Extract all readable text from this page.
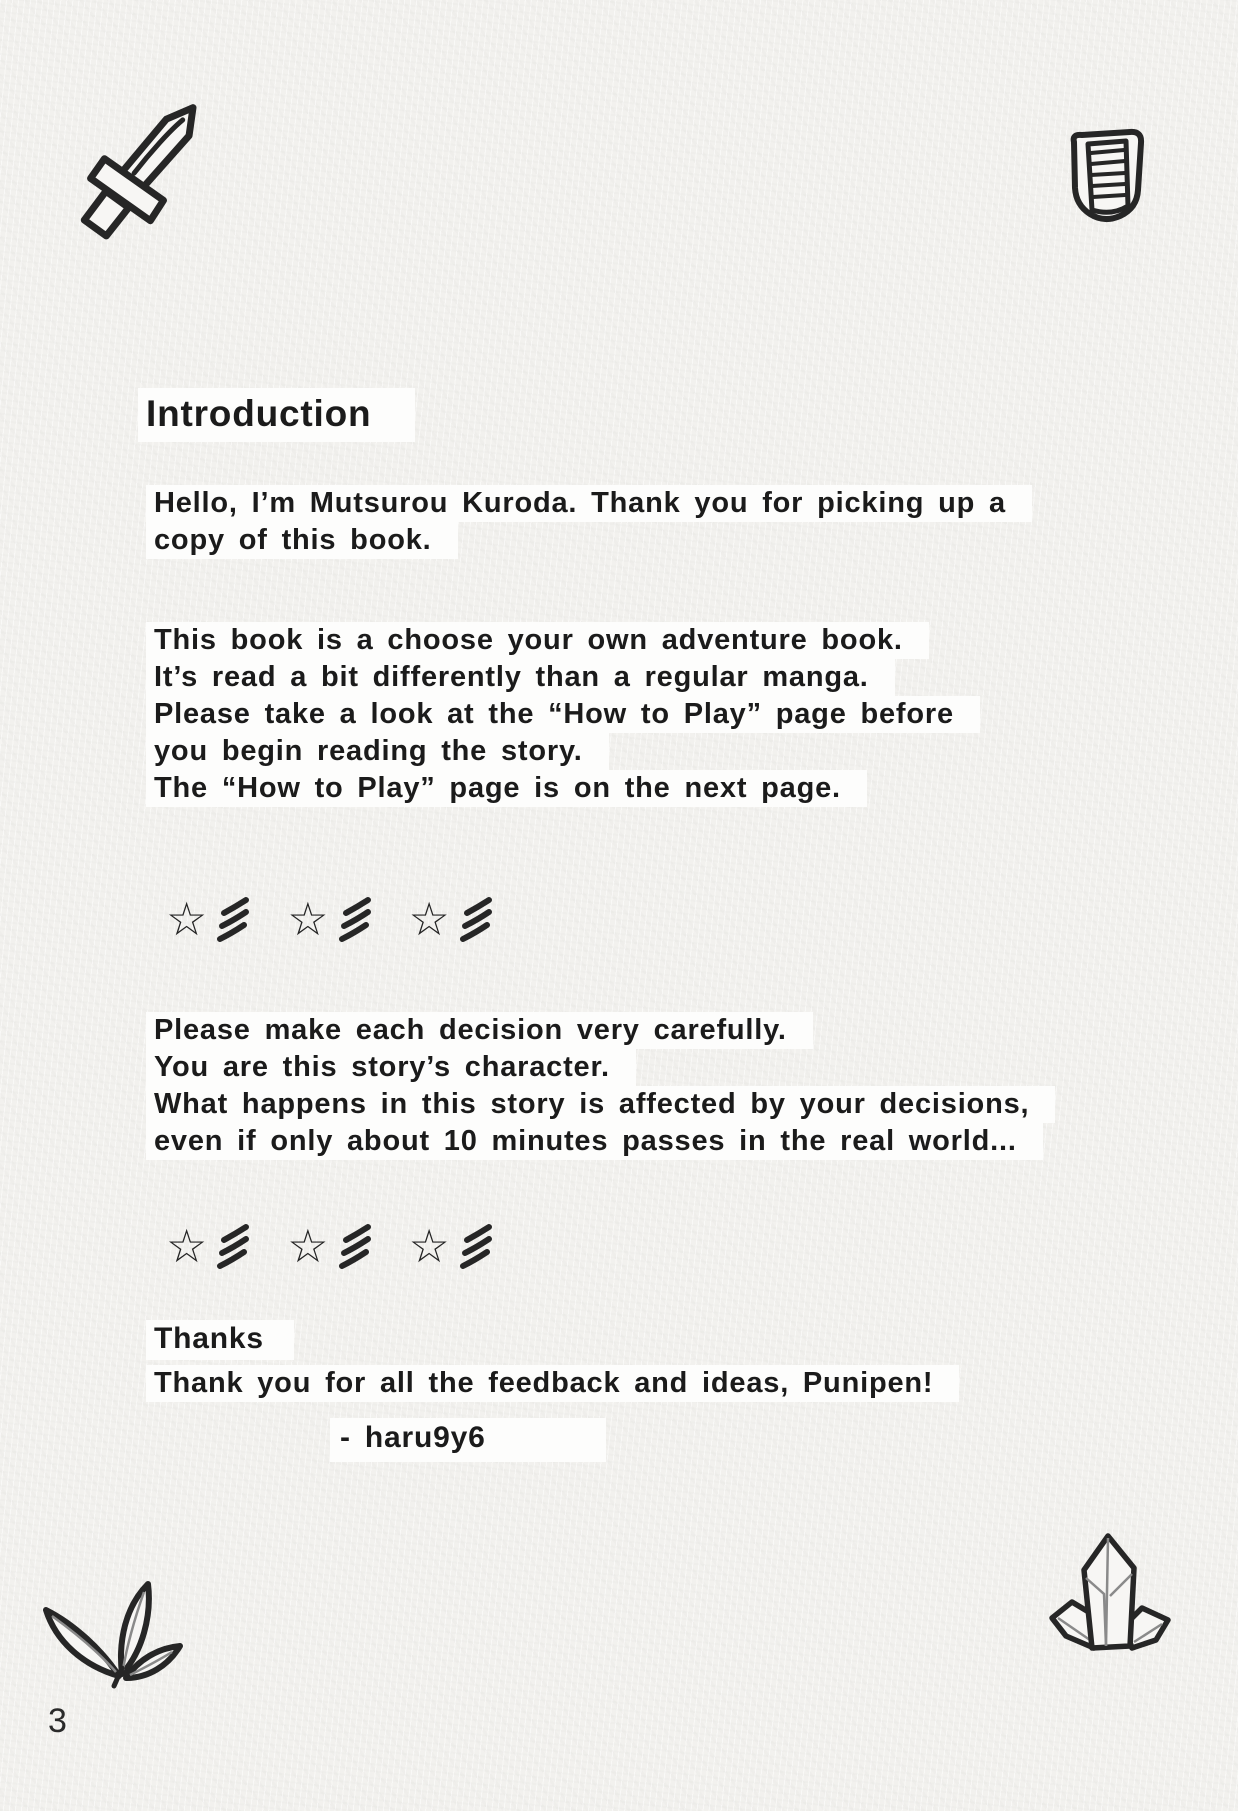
Introduction
Hello, I’m Mutsurou Kuroda. Thank you for picking up a
copy of this book.
This book is a choose your own adventure book.
It’s read a bit differently than a regular manga.
Please take a look at the “How to Play” page before
you begin reading the story.
The “How to Play” page is on the next page.
☆ ☆ ☆
Please make each decision very carefully.
You are this story’s character.
What happens in this story is affected by your decisions,
even if only about 10 minutes passes in the real world...
☆ ☆ ☆
Thanks
Thank you for all the feedback and ideas, Punipen!
- haru9y6
3
